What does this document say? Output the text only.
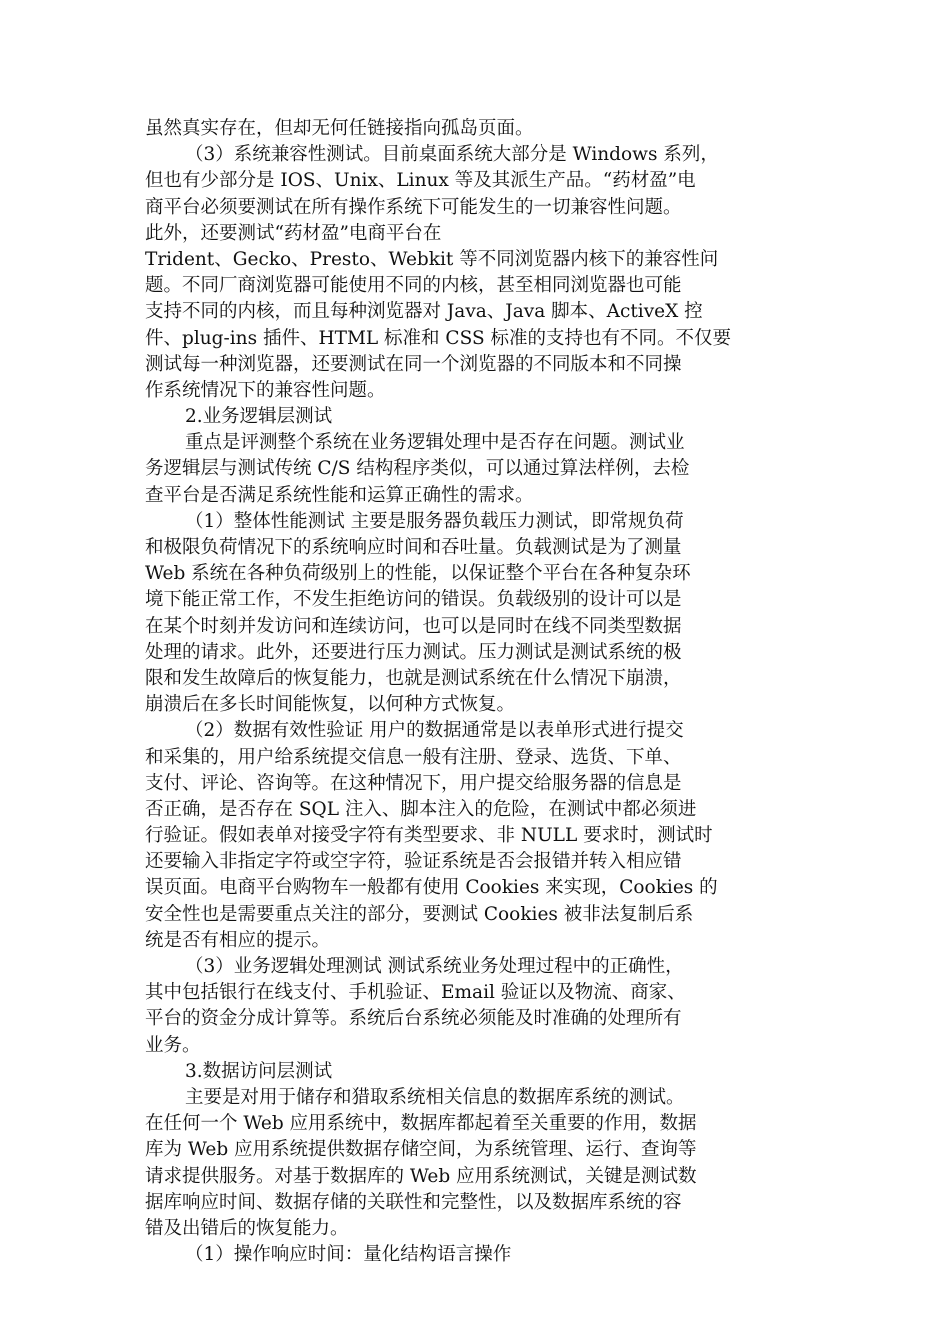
虽然真实存在，但却无何任链接指向孤岛页面。
（3）系统兼容性测试。目前桌面系统大部分是 Windows 系列，
但也有少部分是 IOS、Unix、Linux 等及其派生产品。“药材盈”电
商平台必须要测试在所有操作系统下可能发生的一切兼容性问题。
此外，还要测试“药材盈”电商平台在
Trident、Gecko、Presto、Webkit 等不同浏览器内核下的兼容性问
题。不同厂商浏览器可能使用不同的内核，甚至相同浏览器也可能
支持不同的内核，而且每种浏览器对 Java、Java 脚本、ActiveX 控
件、plug-ins 插件、HTML 标准和 CSS 标准的支持也有不同。不仅要
测试每一种浏览器，还要测试在同一个浏览器的不同版本和不同操
作系统情况下的兼容性问题。
2.业务逻辑层测试
重点是评测整个系统在业务逻辑处理中是否存在问题。测试业
务逻辑层与测试传统 C/S 结构程序类似，可以通过算法样例，去检
查平台是否满足系统性能和运算正确性的需求。
（1）整体性能测试 主要是服务器负载压力测试，即常规负荷
和极限负荷情况下的系统响应时间和吞吐量。负载测试是为了测量
Web 系统在各种负荷级别上的性能，以保证整个平台在各种复杂环
境下能正常工作，不发生拒绝访问的错误。负载级别的设计可以是
在某个时刻并发访问和连续访问，也可以是同时在线不同类型数据
处理的请求。此外，还要进行压力测试。压力测试是测试系统的极
限和发生故障后的恢复能力，也就是测试系统在什么情况下崩溃，
崩溃后在多长时间能恢复，以何种方式恢复。
（2）数据有效性验证 用户的数据通常是以表单形式进行提交
和采集的，用户给系统提交信息一般有注册、登录、选货、下单、
支付、评论、咨询等。在这种情况下，用户提交给服务器的信息是
否正确，是否存在 SQL 注入、脚本注入的危险，在测试中都必须进
行验证。假如表单对接受字符有类型要求、非 NULL 要求时，测试时
还要输入非指定字符或空字符，验证系统是否会报错并转入相应错
误页面。电商平台购物车一般都有使用 Cookies 来实现，Cookies 的
安全性也是需要重点关注的部分，要测试 Cookies 被非法复制后系
统是否有相应的提示。
（3）业务逻辑处理测试 测试系统业务处理过程中的正确性，
其中包括银行在线支付、手机验证、Email 验证以及物流、商家、
平台的资金分成计算等。系统后台系统必须能及时准确的处理所有
业务。
3.数据访问层测试
主要是对用于储存和猎取系统相关信息的数据库系统的测试。
在任何一个 Web 应用系统中，数据库都起着至关重要的作用，数据
库为 Web 应用系统提供数据存储空间，为系统管理、运行、查询等
请求提供服务。对基于数据库的 Web 应用系统测试，关键是测试数
据库响应时间、数据存储的关联性和完整性，以及数据库系统的容
错及出错后的恢复能力。
（1）操作响应时间：量化结构语言操作
